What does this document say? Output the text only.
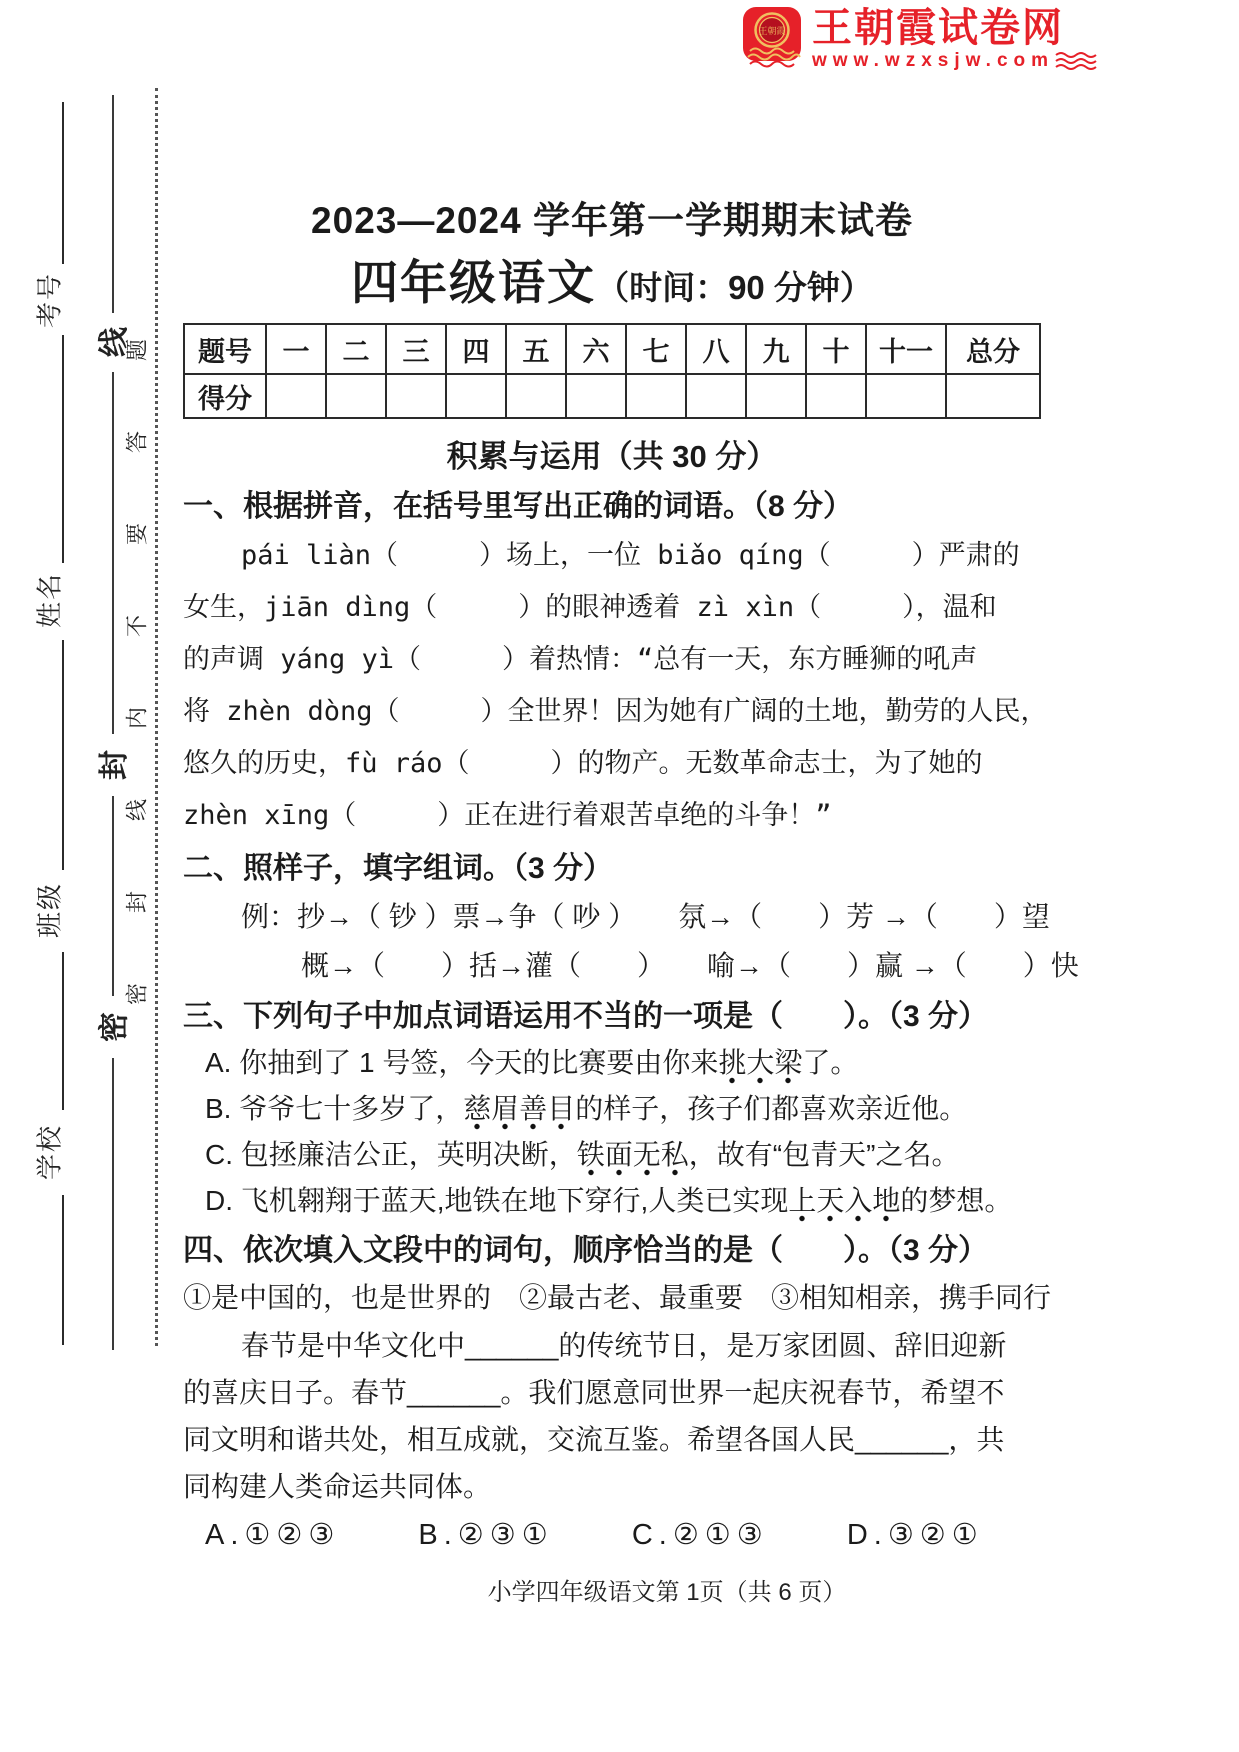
王朝霞 王朝霞试卷网
www.wzxsjw.com
考号
姓名
班级
学校
线
封
密
题
答
要
不
内
线
封
密
2023—2024 学年第一学期期末试卷
四年级语文（时间：90 分钟）
题号	一	二	三	四	五	六	七	八	九	十	十一	总分
得分												
积累与运用（共 30 分）
一、根据拼音，在括号里写出正确的词语。（8 分）
pái liàn（　　　）场上，一位 biǎo qíng（　　　）严肃的
女生，jiān dìng（　　　）的眼神透着 zì xìn（　　　），温和
的声调 yáng yì（　　　）着热情：“总有一天，东方睡狮的吼声
将 zhèn dòng（　　　）全世界！因为她有广阔的土地，勤劳的人民，
悠久的历史，fù ráo（　　　）的物产。无数革命志士，为了她的
zhèn xīng（　　　）正在进行着艰苦卓绝的斗争！”
二、照样子，填字组词。（3 分）
例：抄→（ 钞 ）票→争（ 吵 ）　　氛→（　　）芳 →（　　）望
概→（　　）括→灌（　　）　　喻→（　　）赢 →（　　）快
三、下列句子中加点词语运用不当的一项是（　　）。（3 分）
A. 你抽到了 1 号签，今天的比赛要由你来挑大梁了。
B. 爷爷七十多岁了，慈眉善目的样子，孩子们都喜欢亲近他。
C. 包拯廉洁公正，英明决断，铁面无私，故有“包青天”之名。
D. 飞机翱翔于蓝天,地铁在地下穿行,人类已实现上天入地的梦想。
四、依次填入文段中的词句，顺序恰当的是（　　）。（3 分）
①是中国的，也是世界的　②最古老、最重要　③相知相亲，携手同行
春节是中华文化中______的传统节日，是万家团圆、辞旧迎新
的喜庆日子。春节______。我们愿意同世界一起庆祝春节，希望不
同文明和谐共处，相互成就，交流互鉴。希望各国人民______，共
同构建人类命运共同体。
A.①②③	B.②③①	C.②①③	D.③②①
小学四年级语文第 1页（共 6 页）
